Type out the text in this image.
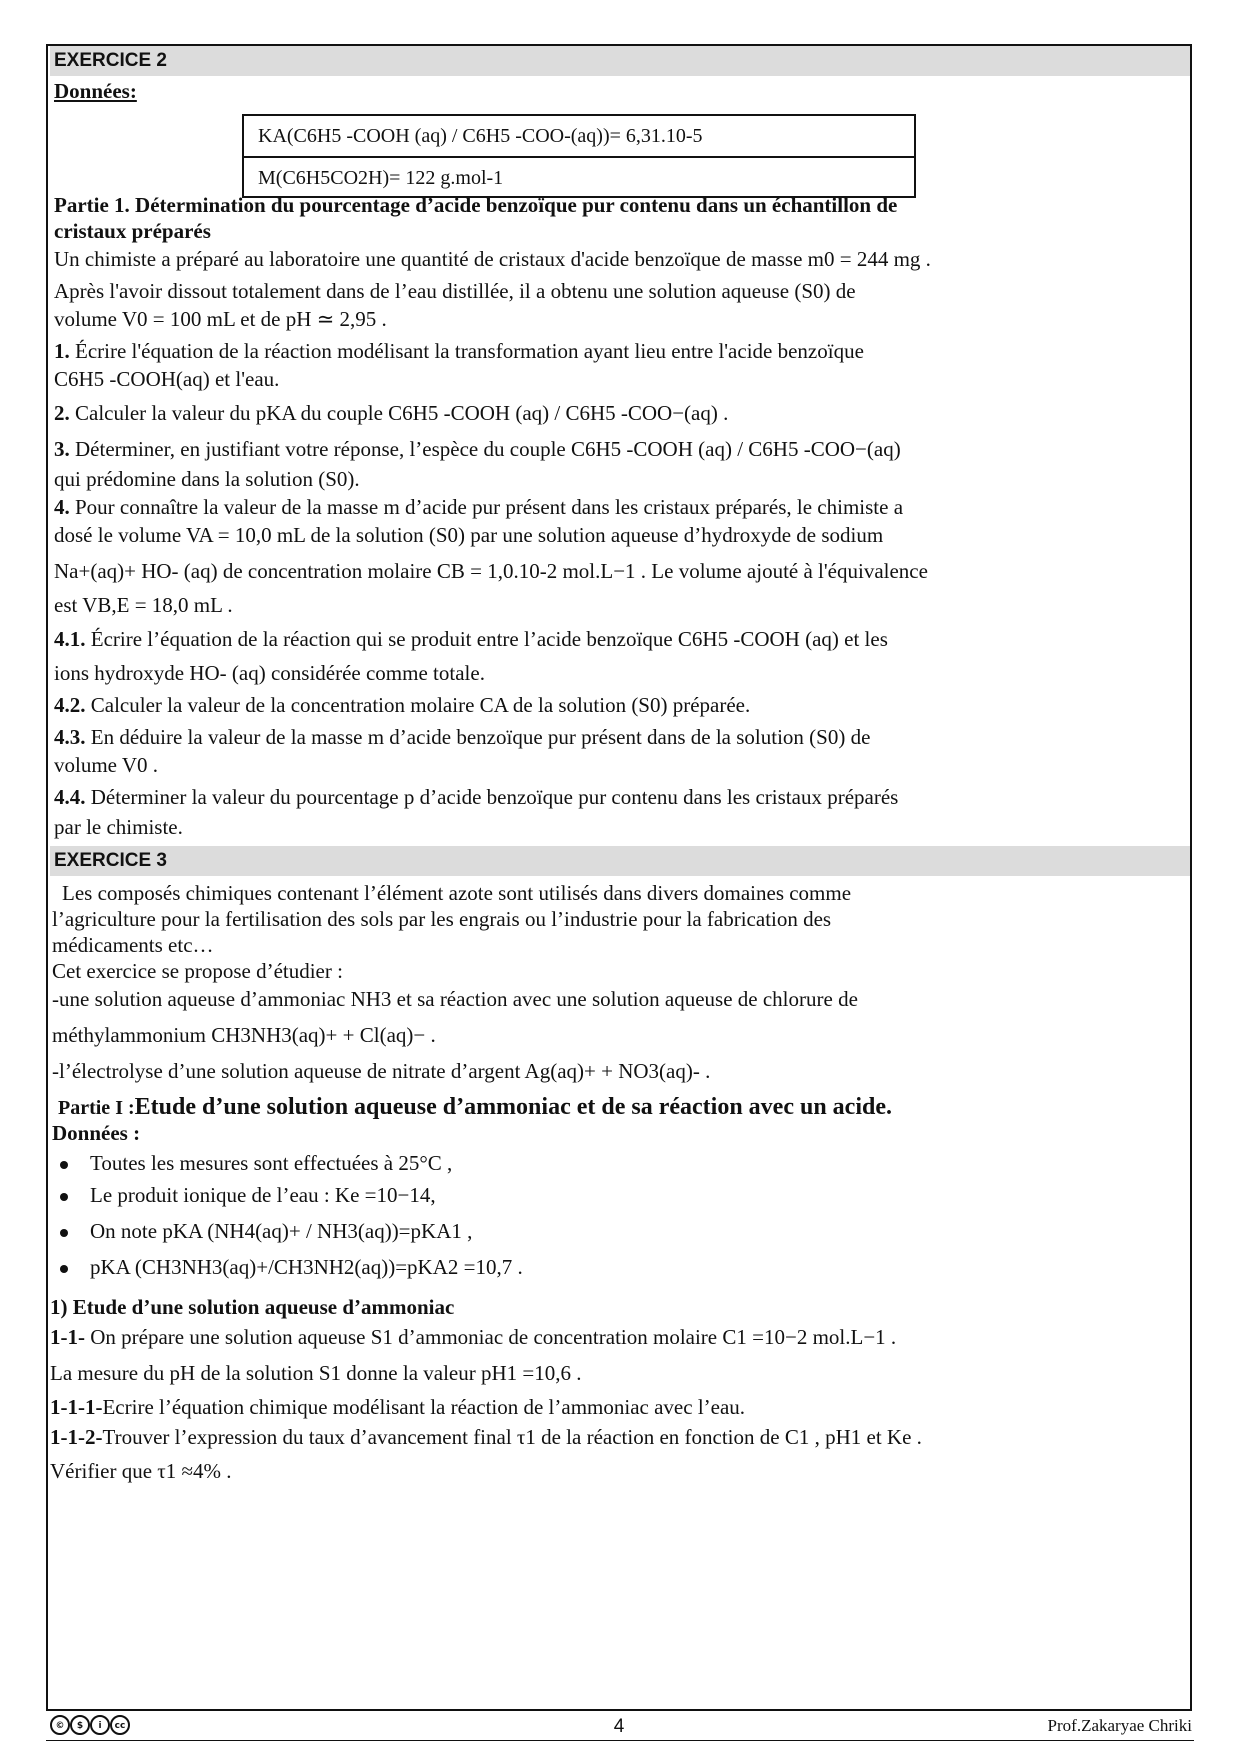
EXERCICE 2
Données:
KA(C6H5 -COOH (aq) / C6H5 -COO-(aq))= 6,31.10-5
M(C6H5CO2H)= 122 g.mol-1
Partie 1. Détermination du pourcentage d’acide benzoïque pur contenu dans un échantillon de
cristaux préparés
Un chimiste a préparé au laboratoire une quantité de cristaux d'acide benzoïque de masse m0 = 244 mg .
Après l'avoir dissout totalement dans de l’eau distillée, il a obtenu une solution aqueuse (S0) de
volume V0 = 100 mL et de pH ≃ 2,95 .
1. Écrire l'équation de la réaction modélisant la transformation ayant lieu entre l'acide benzoïque
C6H5 -COOH(aq) et l'eau.
2. Calculer la valeur du pKA du couple C6H5 -COOH (aq) / C6H5 -COO−(aq) .
3. Déterminer, en justifiant votre réponse, l’espèce du couple C6H5 -COOH (aq) / C6H5 -COO−(aq)
qui prédomine dans la solution (S0).
4. Pour connaître la valeur de la masse m d’acide pur présent dans les cristaux préparés, le chimiste a
dosé le volume VA = 10,0 mL de la solution (S0) par une solution aqueuse d’hydroxyde de sodium
Na+(aq)+ HO- (aq) de concentration molaire CB = 1,0.10-2 mol.L−1 . Le volume ajouté à l'équivalence
est VB,E = 18,0 mL .
4.1. Écrire l’équation de la réaction qui se produit entre l’acide benzoïque C6H5 -COOH (aq) et les
ions hydroxyde HO- (aq) considérée comme totale.
4.2. Calculer la valeur de la concentration molaire CA de la solution (S0) préparée.
4.3. En déduire la valeur de la masse m d’acide benzoïque pur présent dans de la solution (S0) de
volume V0 .
4.4. Déterminer la valeur du pourcentage p d’acide benzoïque pur contenu dans les cristaux préparés
par le chimiste.
EXERCICE 3
Les composés chimiques contenant l’élément azote sont utilisés dans divers domaines comme
l’agriculture pour la fertilisation des sols par les engrais ou l’industrie pour la fabrication des
médicaments etc…
Cet exercice se propose d’étudier :
-une solution aqueuse d’ammoniac NH3 et sa réaction avec une solution aqueuse de chlorure de
méthylammonium CH3NH3(aq)+ + Cl(aq)− .
-l’électrolyse d’une solution aqueuse de nitrate d’argent Ag(aq)+ + NO3(aq)- .
Partie I :Etude d’une solution aqueuse d’ammoniac et de sa réaction avec un acide.
Données :
Toutes les mesures sont effectuées à 25°C ,
Le produit ionique de l’eau : Ke =10−14,
On note pKA (NH4(aq)+ / NH3(aq))=pKA1 ,
pKA (CH3NH3(aq)+/CH3NH2(aq))=pKA2 =10,7 .
1) Etude d’une solution aqueuse d’ammoniac
1-1- On prépare une solution aqueuse S1 d’ammoniac de concentration molaire C1 =10−2 mol.L−1 .
La mesure du pH de la solution S1 donne la valeur pH1 =10,6 .
1-1-1-Ecrire l’équation chimique modélisant la réaction de l’ammoniac avec l’eau.
1-1-2-Trouver l’expression du taux d’avancement final τ1 de la réaction en fonction de C1 , pH1 et Ke .
Vérifier que τ1 ≈4% .
© $ i cc	4	Prof.Zakaryae Chriki
